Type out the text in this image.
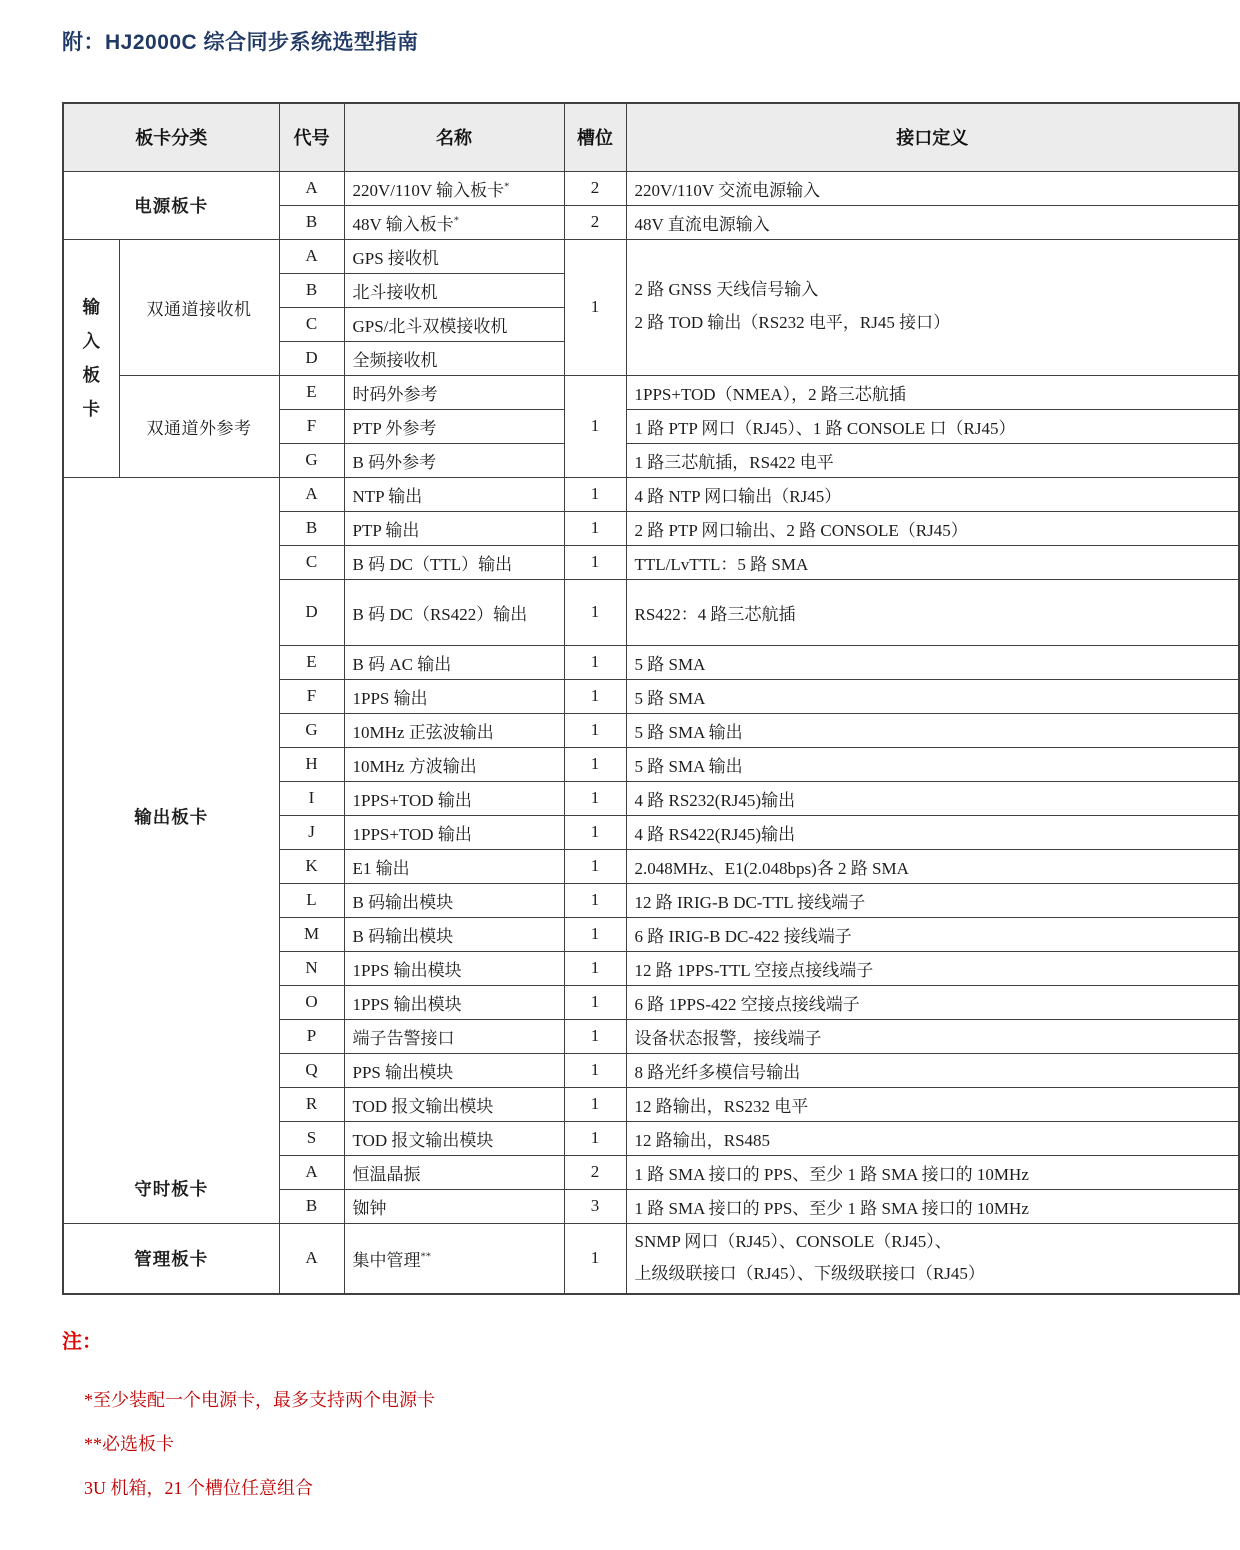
附：HJ2000C 综合同步系统选型指南
板卡分类		代号	名称	槽位	接口定义
电源板卡		A	220V/110V 输入板卡*	2	220V/110V 交流电源输入
		B	48V 输入板卡*	2	48V 直流电源输入

输入板卡	双通道接收机	A	GPS 接收机	1	2 路 GNSS 天线信号输入
2 路 TOD 输出（RS232 电平，RJ45 接口）

		B	北斗接收机		
		C	GPS/北斗双模接收机		
		D	全频接收机		
	双通道外参考	E	时码外参考	1	1PPS+TOD（NMEA），2 路三芯航插
		F	PTP 外参考		1 路 PTP 网口（RJ45）、1 路 CONSOLE 口（RJ45）
		G	B 码外参考		1 路三芯航插，RS422 电平
输出板卡		A	NTP 输出	1	4 路 NTP 网口输出（RJ45）
		B	PTP 输出	1	2 路 PTP 网口输出、2 路 CONSOLE（RJ45）
		C	B 码 DC（TTL）输出	1	TTL/LvTTL：5 路 SMA
		D	B 码 DC（RS422）输出	1	RS422：4 路三芯航插
		E	B 码 AC 输出	1	5 路 SMA
		F	1PPS 输出	1	5 路 SMA
		G	10MHz 正弦波输出	1	5 路 SMA 输出
		H	10MHz 方波输出	1	5 路 SMA 输出
		I	1PPS+TOD 输出	1	4 路 RS232(RJ45)输出
		J	1PPS+TOD 输出	1	4 路 RS422(RJ45)输出
		K	E1 输出	1	2.048MHz、E1(2.048bps)各 2 路 SMA
		L	B 码输出模块	1	12 路 IRIG-B DC-TTL 接线端子
		M	B 码输出模块	1	6 路 IRIG-B DC-422 接线端子
		N	1PPS 输出模块	1	12 路 1PPS-TTL 空接点接线端子
		O	1PPS 输出模块	1	6 路 1PPS-422 空接点接线端子
		P	端子告警接口	1	设备状态报警，接线端子
		Q	PPS 输出模块	1	8 路光纤多模信号输出
		R	TOD 报文输出模块	1	12 路输出，RS232 电平
		S	TOD 报文输出模块	1	12 路输出，RS485
守时板卡		A	恒温晶振	2	1 路 SMA 接口的 PPS、至少 1 路 SMA 接口的 10MHz
		B	铷钟	3	1 路 SMA 接口的 PPS、至少 1 路 SMA 接口的 10MHz
管理板卡		A	集中管理**	1	SNMP 网口（RJ45）、CONSOLE（RJ45）、
上级级联接口（RJ45）、下级级联接口（RJ45）
注：
*至少装配一个电源卡，最多支持两个电源卡
**必选板卡
3U 机箱，21 个槽位任意组合
